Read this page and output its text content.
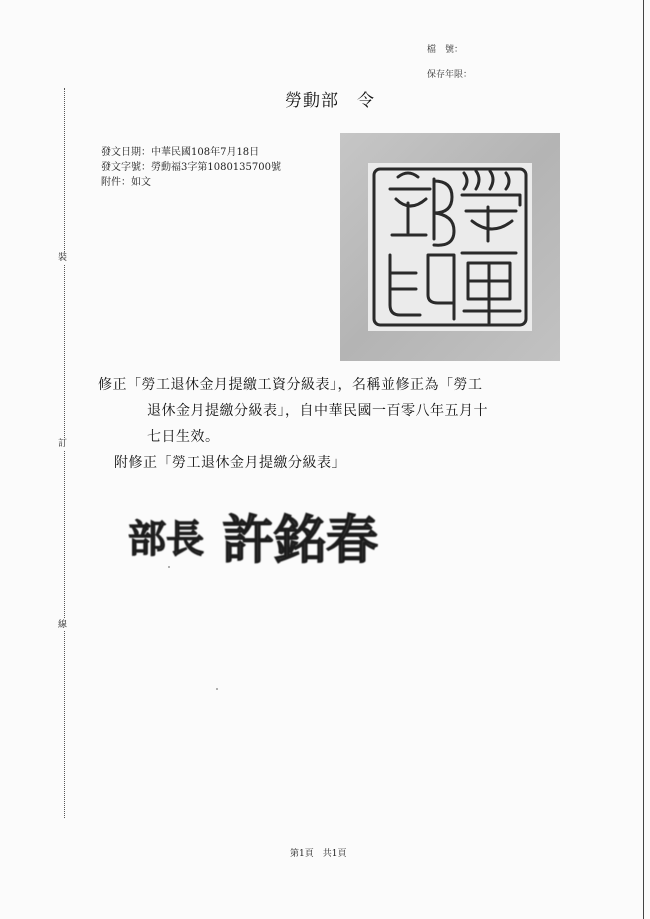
裝
訂
線
檔　號：
保存年限：
勞動部　令
發文日期：中華民國108年7月18日
發文字號：勞動福3字第1080135700號
附件：如文
修正「勞工退休金月提繳工資分級表」，名稱並修正為「勞工
退休金月提繳分級表」，自中華民國一百零八年五月十
七日生效。
附修正「勞工退休金月提繳分級表」
部長 許銘春
第1頁　共1頁
